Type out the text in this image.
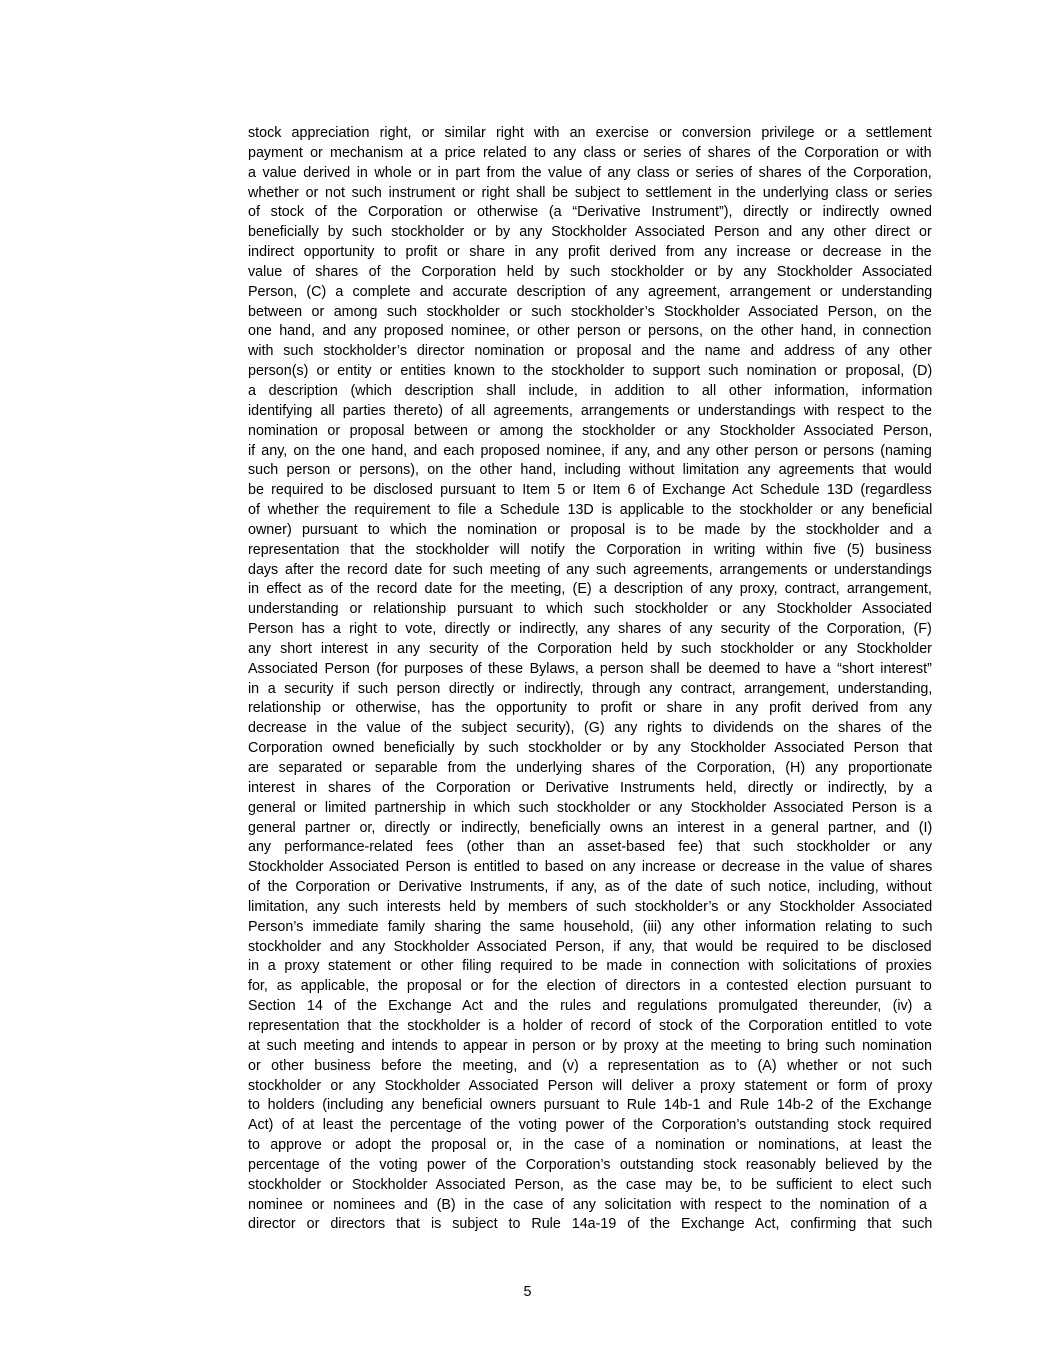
stock appreciation right, or similar right with an exercise or conversion privilege or a settlement
payment or mechanism at a price related to any class or series of shares of the Corporation or with
a value derived in whole or in part from the value of any class or series of shares of the Corporation,
whether or not such instrument or right shall be subject to settlement in the underlying class or series
of stock of the Corporation or otherwise (a “Derivative Instrument”), directly or indirectly owned
beneficially by such stockholder or by any Stockholder Associated Person and any other direct or
indirect opportunity to profit or share in any profit derived from any increase or decrease in the
value of shares of the Corporation held by such stockholder or by any Stockholder Associated
Person, (C) a complete and accurate description of any agreement, arrangement or understanding
between or among such stockholder or such stockholder’s Stockholder Associated Person, on the
one hand, and any proposed nominee, or other person or persons, on the other hand, in connection
with such stockholder’s director nomination or proposal and the name and address of any other
person(s) or entity or entities known to the stockholder to support such nomination or proposal, (D)
a description (which description shall include, in addition to all other information, information
identifying all parties thereto) of all agreements, arrangements or understandings with respect to the
nomination or proposal between or among the stockholder or any Stockholder Associated Person,
if any, on the one hand, and each proposed nominee, if any, and any other person or persons (naming
such person or persons), on the other hand, including without limitation any agreements that would
be required to be disclosed pursuant to Item 5 or Item 6 of Exchange Act Schedule 13D (regardless
of whether the requirement to file a Schedule 13D is applicable to the stockholder or any beneficial
owner) pursuant to which the nomination or proposal is to be made by the stockholder and a
representation that the stockholder will notify the Corporation in writing within five (5) business
days after the record date for such meeting of any such agreements, arrangements or understandings
in effect as of the record date for the meeting, (E) a description of any proxy, contract, arrangement,
understanding or relationship pursuant to which such stockholder or any Stockholder Associated
Person has a right to vote, directly or indirectly, any shares of any security of the Corporation, (F)
any short interest in any security of the Corporation held by such stockholder or any Stockholder
Associated Person (for purposes of these Bylaws, a person shall be deemed to have a “short interest”
in a security if such person directly or indirectly, through any contract, arrangement, understanding,
relationship or otherwise, has the opportunity to profit or share in any profit derived from any
decrease in the value of the subject security), (G) any rights to dividends on the shares of the
Corporation owned beneficially by such stockholder or by any Stockholder Associated Person that
are separated or separable from the underlying shares of the Corporation, (H) any proportionate
interest in shares of the Corporation or Derivative Instruments held, directly or indirectly, by a
general or limited partnership in which such stockholder or any Stockholder Associated Person is a
general partner or, directly or indirectly, beneficially owns an interest in a general partner, and (I)
any performance-related fees (other than an asset-based fee) that such stockholder or any
Stockholder Associated Person is entitled to based on any increase or decrease in the value of shares
of the Corporation or Derivative Instruments, if any, as of the date of such notice, including, without
limitation, any such interests held by members of such stockholder’s or any Stockholder Associated
Person’s immediate family sharing the same household, (iii) any other information relating to such
stockholder and any Stockholder Associated Person, if any, that would be required to be disclosed
in a proxy statement or other filing required to be made in connection with solicitations of proxies
for, as applicable, the proposal or for the election of directors in a contested election pursuant to
Section 14 of the Exchange Act and the rules and regulations promulgated thereunder, (iv) a
representation that the stockholder is a holder of record of stock of the Corporation entitled to vote
at such meeting and intends to appear in person or by proxy at the meeting to bring such nomination
or other business before the meeting, and (v) a representation as to (A) whether or not such
stockholder or any Stockholder Associated Person will deliver a proxy statement or form of proxy
to holders (including any beneficial owners pursuant to Rule 14b-1 and Rule 14b-2 of the Exchange
Act) of at least the percentage of the voting power of the Corporation’s outstanding stock required
to approve or adopt the proposal or, in the case of a nomination or nominations, at least the
percentage of the voting power of the Corporation’s outstanding stock reasonably believed by the
stockholder or Stockholder Associated Person, as the case may be, to be sufficient to elect such
nominee or nominees and (B) in the case of any solicitation with respect to the nomination of a
director or directors that is subject to Rule 14a-19 of the Exchange Act, confirming that such
5
